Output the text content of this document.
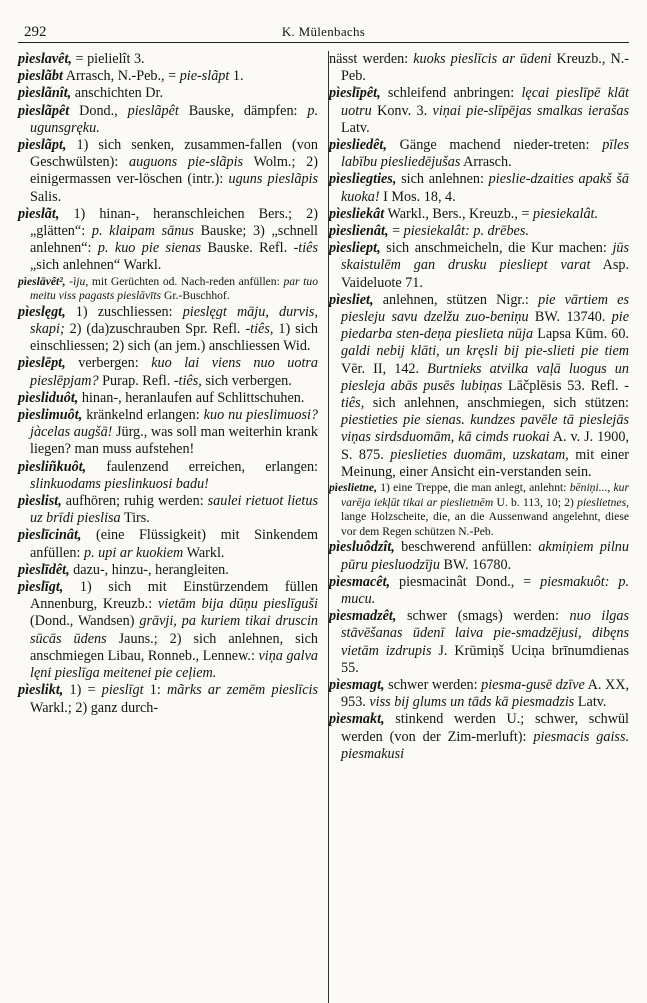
292	K. Mülenbachs

pìeslavêt, = pielielît 3.

pìeslãbt Arrasch, N.-Peb., = pie-slãpt 1.

pìeslãnît, anschichten Dr.

pìeslãpêt Dond., pieslãpêt Bauske, dämpfen: p. ugunsgręku.

pìeslãpt, 1) sich senken, zusammen-fallen (von Geschwülsten): auguons pie-slãpis Wolm.; 2) einigermassen ver-löschen (intr.): uguns pieslãpis Salis.

pìeslãt, 1) hinan-, heranschleichen Bers.; 2) „glätten“: p. klaipam sānus Bauske; 3) „schnell anlehnen“: p. kuo pie sienas Bauske. Refl. -tiês „sich anlehnen“ Warkl.

pìeslāvêt², -ìju, mit Gerüchten od. Nach-reden anfüllen: par tuo meitu viss pagasts pieslāvīts Gr.-Buschhof.

pìeslęgt, 1) zuschliessen: pieslęgt māju, durvis, skapi; 2) (da)zuschrauben Spr. Refl. -tiês, 1) sich einschliessen; 2) sich (an jem.) anschliessen Wid.

pìeslēpt, verbergen: kuo lai viens nuo uotra pieslēpjam? Purap. Refl. -tiês, sich verbergen.

pìesliduôt, hinan-, heranlaufen auf Schlittschuhen.

pìeslimuôt, kränkelnd erlangen: kuo nu pieslimuosi? jàcelas augšā! Jürg., was soll man weiterhin krank liegen? man muss aufstehen!

pìesliñkuôt, faulenzend erreichen, erlangen: slinkuodams pieslinkuosi badu!

pìeslist, aufhören; ruhig werden: saulei rietuot lietus uz brīdi pieslisa Tirs.

pìeslīcinât, (eine Flüssigkeit) mit Sinkendem anfüllen: p. upi ar kuokiem Warkl.

pìeslīdêt, dazu-, hinzu-, herangleiten.

pìeslīgt, 1) sich mit Einstürzendem füllen Annenburg, Kreuzb.: vietām bija dūņu pieslīguši (Dond., Wandsen) grāvji, pa kuriem tikai druscin sūcās ūdens Jauns.; 2) sich anlehnen, sich anschmiegen Libau, Ronneb., Lennew.: viņa galva lęni pieslīga meitenei pie ceļiem.

pìeslikt, 1) = pieslīgt 1: mãrks ar zemēm pieslīcis Warkl.; 2) ganz durch-

nässt werden: kuoks pieslīcis ar ūdeni Kreuzb., N.-Peb.

pìeslīpêt, schleifend anbringen: lęcai pieslīpē klāt uotru Konv. 3. viņai pie-slīpējas smalkas ierašas Latv.

pìesliedêt, Gänge machend nieder-treten: pīles labību piesliedējušas Arrasch.

pìesliegties, sich anlehnen: pieslie-dzaities apakš šā kuoka! I Mos. 18, 4.

pìesliekât Warkl., Bers., Kreuzb., = piesiekalât.

pìeslienât, = piesiekalât: p. drēbes.

pìesliept, sich anschmeicheln, die Kur machen: jūs skaistulēm gan drusku piesliept varat Asp. Vaideluote 71.

pìesliet, anlehnen, stützen Nigr.: pie vārtiem es piesleju savu dzelžu zuo-beniņu BW. 13740. pie piedarba sten-deņa pieslieta nūja Lapsa Kūm. 60. galdi nebij klāti, un kręsli bij pie-slieti pie tiem Vēr. II, 142. Burtnieks atvilka vaļā luogus un piesleja abās pusēs lubiņas Lāčplēsis 53. Refl. -tiês, sich anlehnen, anschmiegen, sich stützen: piestieties pie sienas. kundzes pavēle tā pieslejās viņas sirdsduomām, kā cimds ruokai A. v. J. 1900, S. 875. pieslieties duomām, uzskatam, mit einer Meinung, einer Ansicht ein-verstanden sein.

pìeslietne, 1) eine Treppe, die man anlegt, anlehnt: bēniņi..., kur varēja iekļūt tikai ar pieslietnēm U. b. 113, 10; 2) pieslietnes, lange Holzscheite, die, an die Aussenwand angelehnt, diese vor dem Regen schützen N.-Peb.

pìesluôdzît, beschwerend anfüllen: akmiņiem pilnu pūru piesluodzīju BW. 16780.

pìesmacêt, piesmacinât Dond., = piesmakuôt: p. mucu.

pìesmadzêt, schwer (smags) werden: nuo ilgas stāvēšanas ūdenī laiva pie-smadzējusi, dibęns vietām izdrupis J. Krūmiņš Uciņa brīnumdienas 55.

pìesmagt, schwer werden: piesma-gusē dzīve A. XX, 953. viss bij glums un tāds kā piesmadzis Latv.

pìesmakt, stinkend werden U.; schwer, schwül werden (von der Zim-merluft): piesmacis gaiss. piesmakusi
